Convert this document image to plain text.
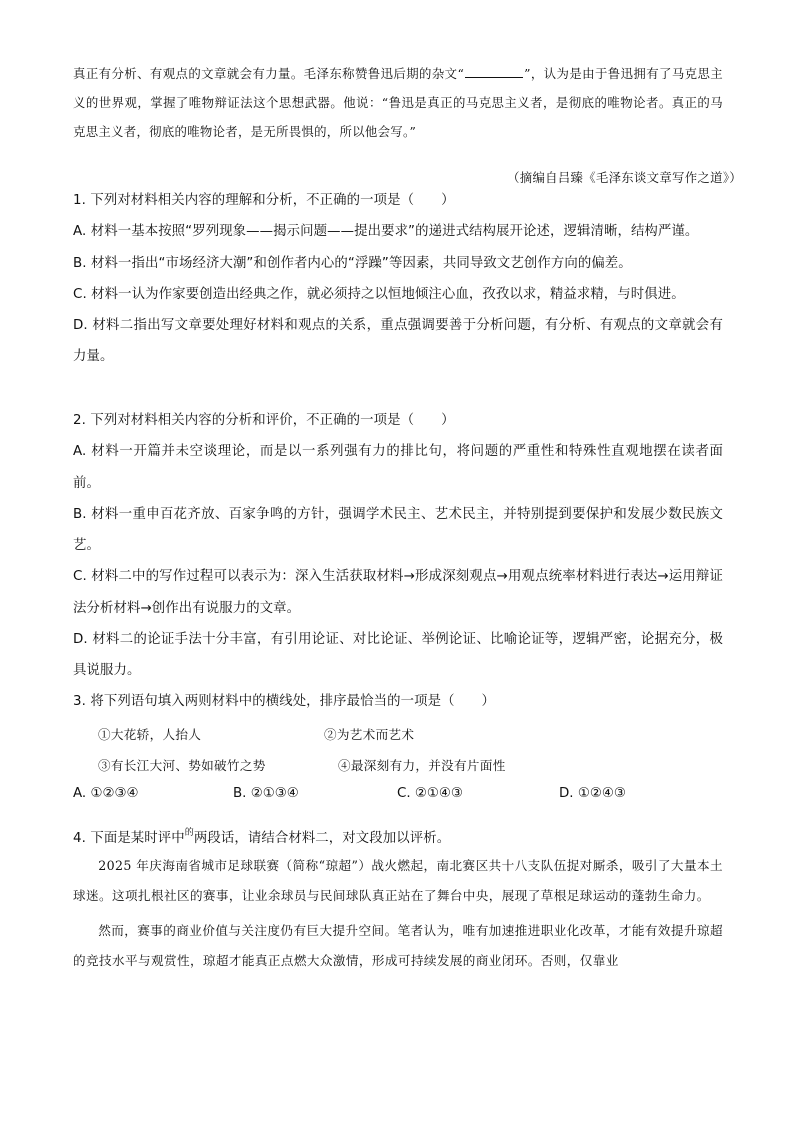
真正有分析、有观点的文章就会有力量。毛泽东称赞鲁迅后期的杂文“	”，认为是由于鲁迅拥有了马克思主义的世界观，掌握了唯物辩证法这个思想武器。他说：“鲁迅是真正的马克思主义者，是彻底的唯物论者。真正的马克思主义者，彻底的唯物论者，是无所畏惧的，所以他会写。”

（摘编自吕臻《毛泽东谈文章写作之道》）

1. 下列对材料相关内容的理解和分析，不正确的一项是（　　）

A. 材料一基本按照“罗列现象——揭示问题——提出要求”的递进式结构展开论述，逻辑清晰，结构严谨。

B. 材料一指出“市场经济大潮”和创作者内心的“浮躁”等因素，共同导致文艺创作方向的偏差。

C. 材料一认为作家要创造出经典之作，就必须持之以恒地倾注心血，孜孜以求，精益求精，与时俱进。

D. 材料二指出写文章要处理好材料和观点的关系，重点强调要善于分析问题，有分析、有观点的文章就会有力量。

2. 下列对材料相关内容的分析和评价，不正确的一项是（　　）

A. 材料一开篇并未空谈理论，而是以一系列强有力的排比句，将问题的严重性和特殊性直观地摆在读者面前。

B. 材料一重申百花齐放、百家争鸣的方针，强调学术民主、艺术民主，并特别提到要保护和发展少数民族文艺。

C. 材料二中的写作过程可以表示为：深入生活获取材料→形成深刻观点→用观点统率材料进行表达→运用辩证法分析材料→创作出有说服力的文章。

D. 材料二的论证手法十分丰富，有引用论证、对比论证、举例论证、比喻论证等，逻辑严密，论据充分，极具说服力。

3. 将下列语句填入两则材料中的横线处，排序最恰当的一项是（　　）

①大花轿，人抬人	②为艺术而艺术
③有长江大河、势如破竹之势	④最深刻有力，并没有片面性
A. ①②③④	B. ②①③④	C. ②①④③	D. ①②④③

4. 下面是某时评中$^的$两段话，请结合材料二，对文段加以评析。

2025 年庆海南省城市足球联赛（简称“琼超”）战火燃起，南北赛区共十八支队伍捉对厮杀，吸引了大量本土球迷。这项扎根社区的赛事，让业余球员与民间球队真正站在了舞台中央，展现了草根足球运动的蓬勃生命力。

然而，赛事的商业价值与关注度仍有巨大提升空间。笔者认为，唯有加速推进职业化改革，才能有效提升琼超的竞技水平与观赏性，琼超才能真正点燃大众激情，形成可持续发展的商业闭环。否则，仅靠业
